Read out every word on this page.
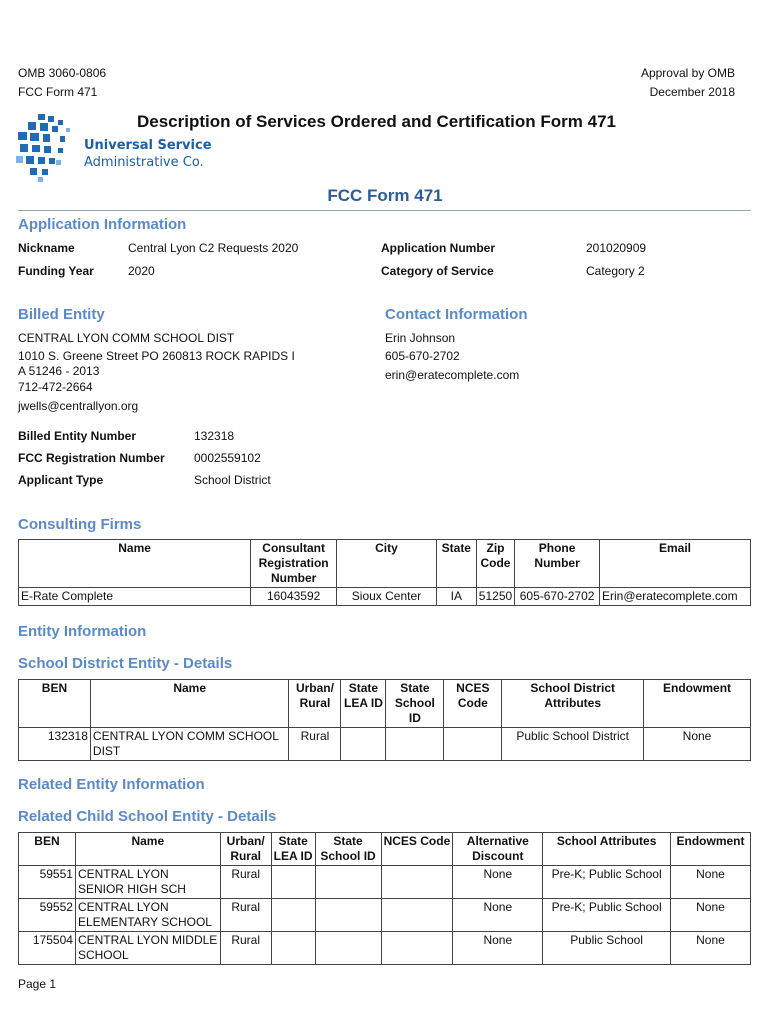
OMB 3060-0806
FCC Form 471
Approval by OMB
December 2018
Universal Service
Administrative Co.
Description of Services Ordered and Certification Form 471
FCC Form 471
Application Information
Nickname	Central Lyon C2 Requests 2020	Application Number	201020909
Funding Year	2020	Category of Service	Category 2
Billed Entity	Contact Information
CENTRAL LYON COMM SCHOOL DIST
1010 S. Greene Street PO 260813 ROCK RAPIDS I
A 51246 - 2013
712-472-2664
jwells@centrallyon.org
Erin Johnson
605-670-2702
erin@eratecomplete.com
Billed Entity Number	132318
FCC Registration Number 0002559102
Applicant Type	School District
Consulting Firms
Name	Consultant Registration Number	City	State	Zip Code	Phone Number	Email
E-Rate Complete	16043592	Sioux Center	IA	51250	605-670-2702	Erin@eratecomplete.com
Entity Information
School District Entity - Details
BEN	Name	Urban/ Rural	State LEA ID	State School ID	NCES Code	School District Attributes	Endowment
132318	CENTRAL LYON COMM SCHOOL DIST	Rural				Public School District	None
Related Entity Information
Related Child School Entity - Details
BEN	Name	Urban/ Rural	State LEA ID	State School ID	NCES Code	Alternative Discount	School Attributes	Endowment
59551	CENTRAL LYON SENIOR HIGH SCH	Rural				None	Pre-K; Public School	None
59552	CENTRAL LYON ELEMENTARY SCHOOL	Rural				None	Pre-K; Public School	None
175504	CENTRAL LYON MIDDLE SCHOOL	Rural				None	Public School	None
Page 1
